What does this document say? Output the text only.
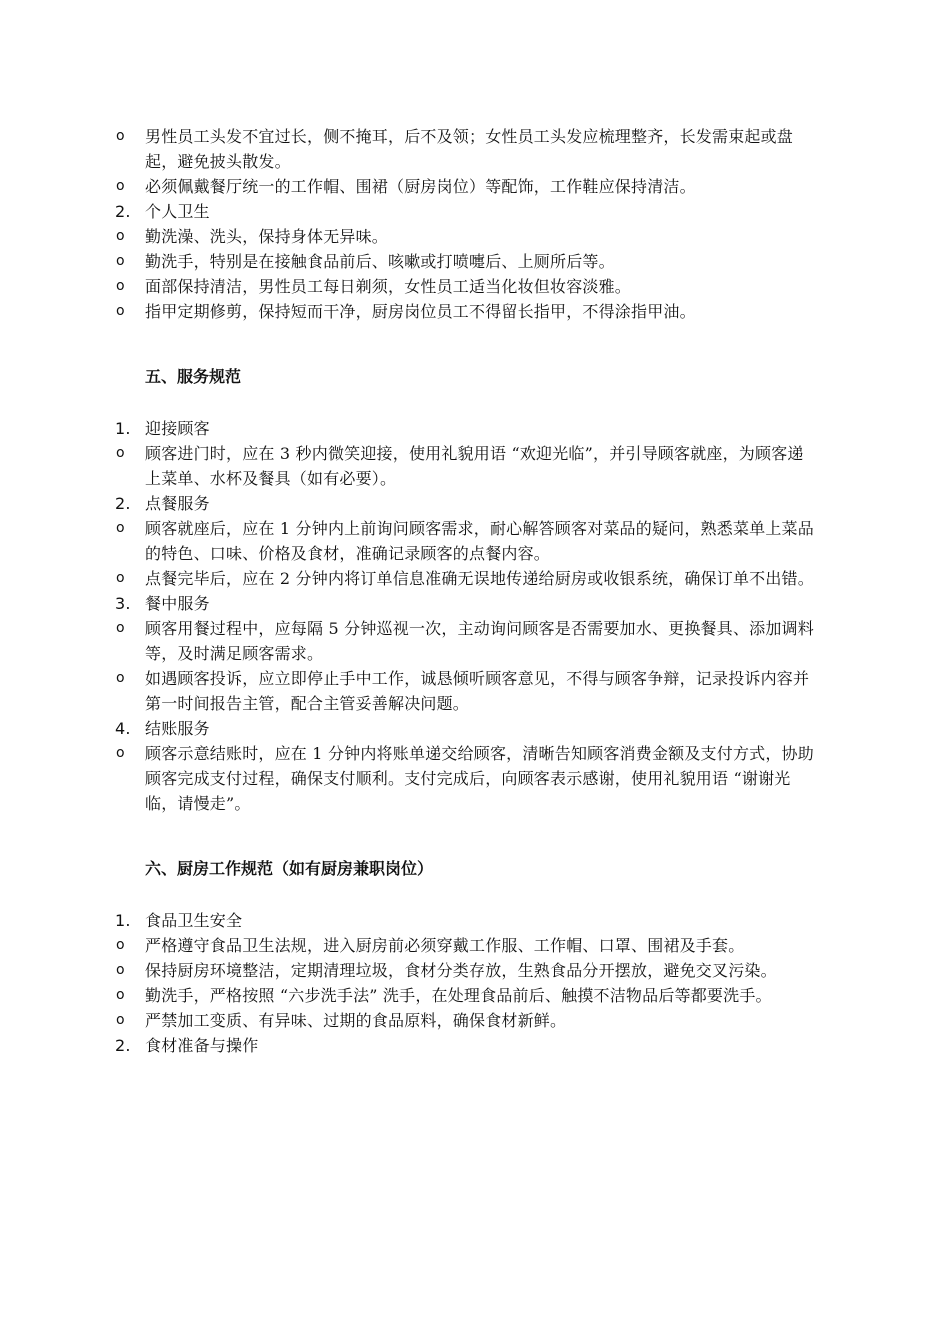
o	男性员工头发不宜过长，侧不掩耳，后不及领；女性员工头发应梳理整齐，长发需束起或盘起，避免披头散发。
o	必须佩戴餐厅统一的工作帽、围裙（厨房岗位）等配饰，工作鞋应保持清洁。
2. 个人卫生
o	勤洗澡、洗头，保持身体无异味。
o	勤洗手，特别是在接触食品前后、咳嗽或打喷嚏后、上厕所后等。
o	面部保持清洁，男性员工每日剃须，女性员工适当化妆但妆容淡雅。
o	指甲定期修剪，保持短而干净，厨房岗位员工不得留长指甲，不得涂指甲油。
五、服务规范
1. 迎接顾客
o	顾客进门时，应在 3 秒内微笑迎接，使用礼貌用语 “欢迎光临”，并引导顾客就座，为顾客递上菜单、水杯及餐具（如有必要）。
2. 点餐服务
o	顾客就座后，应在 1 分钟内上前询问顾客需求，耐心解答顾客对菜品的疑问，熟悉菜单上菜品的特色、口味、价格及食材，准确记录顾客的点餐内容。
o	点餐完毕后，应在 2 分钟内将订单信息准确无误地传递给厨房或收银系统，确保订单不出错。
3. 餐中服务
o	顾客用餐过程中，应每隔 5 分钟巡视一次，主动询问顾客是否需要加水、更换餐具、添加调料等，及时满足顾客需求。
o	如遇顾客投诉，应立即停止手中工作，诚恳倾听顾客意见，不得与顾客争辩，记录投诉内容并第一时间报告主管，配合主管妥善解决问题。
4. 结账服务
o	顾客示意结账时，应在 1 分钟内将账单递交给顾客，清晰告知顾客消费金额及支付方式，协助顾客完成支付过程，确保支付顺利。支付完成后，向顾客表示感谢，使用礼貌用语 “谢谢光临，请慢走”。
六、厨房工作规范（如有厨房兼职岗位）
1. 食品卫生安全
o	严格遵守食品卫生法规，进入厨房前必须穿戴工作服、工作帽、口罩、围裙及手套。
o	保持厨房环境整洁，定期清理垃圾，食材分类存放，生熟食品分开摆放，避免交叉污染。
o	勤洗手，严格按照 “六步洗手法” 洗手，在处理食品前后、触摸不洁物品后等都要洗手。
o	严禁加工变质、有异味、过期的食品原料，确保食材新鲜。
2. 食材准备与操作
